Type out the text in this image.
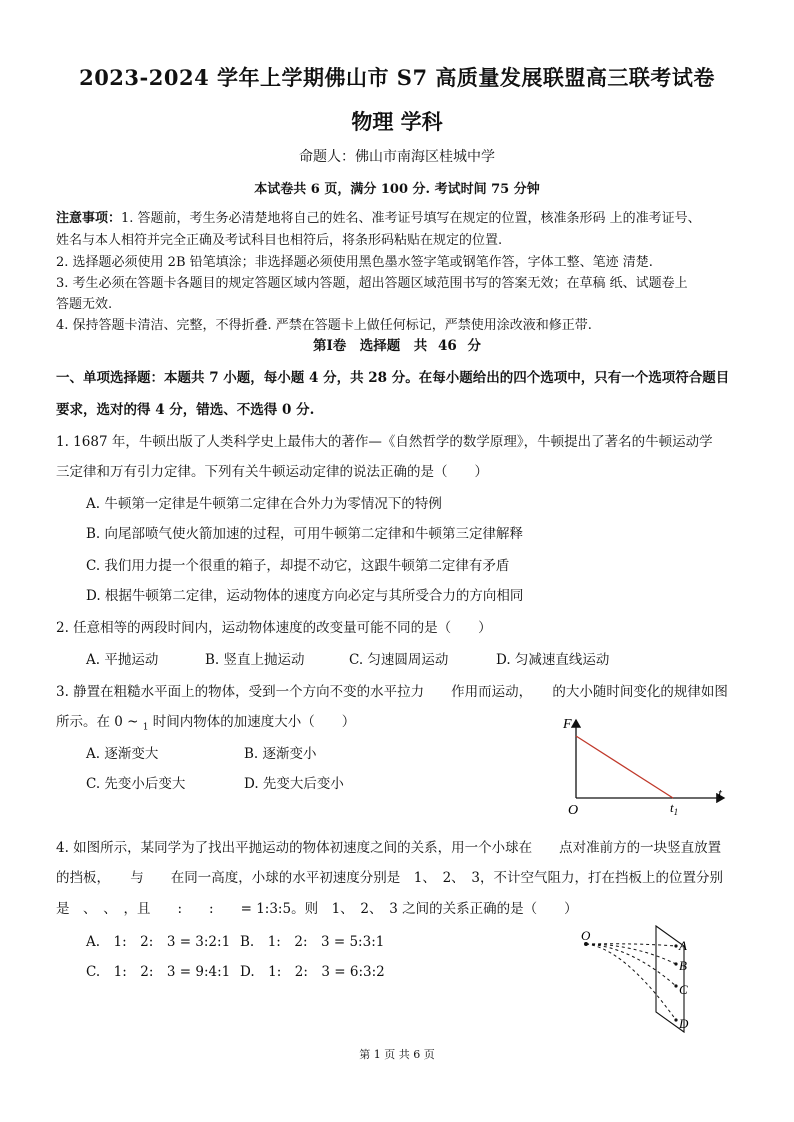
2023-2024 学年上学期佛山市 S7 高质量发展联盟高三联考试卷
物理 学科
命题人：佛山市南海区桂城中学
本试卷共 6 页，满分 100 分. 考试时间 75 分钟
注意事项：1. 答题前，考生务必清楚地将自己的姓名、准考证号填写在规定的位置，核准条形码 上的准考证号、
姓名与本人相符并完全正确及考试科目也相符后，将条形码粘贴在规定的位置.
2. 选择题必须使用 2B 铅笔填涂；非选择题必须使用黑色墨水签字笔或钢笔作答，字体工整、笔迹 清楚.
3. 考生必须在答题卡各题目的规定答题区域内答题，超出答题区域范围书写的答案无效；在草稿 纸、试题卷上
答题无效.
4. 保持答题卡清洁、完整，不得折叠. 严禁在答题卡上做任何标记，严禁使用涂改液和修正带.
第Ⅰ卷　选择题　共 46 分
一、单项选择题：本题共 7 小题，每小题 4 分，共 28 分。在每小题给出的四个选项中，只有一个选项符合题目
要求，选对的得 4 分，错选、不选得 0 分.
1. 1687 年，牛顿出版了人类科学史上最伟大的著作—《自然哲学的数学原理》，牛顿提出了著名的牛顿运动学
三定律和万有引力定律。下列有关牛顿运动定律的说法正确的是（　　）
A. 牛顿第一定律是牛顿第二定律在合外力为零情况下的特例
B. 向尾部喷气使火箭加速的过程，可用牛顿第二定律和牛顿第三定律解释
C. 我们用力提一个很重的箱子，却提不动它，这跟牛顿第二定律有矛盾
D. 根据牛顿第二定律，运动物体的速度方向必定与其所受合力的方向相同
2. 任意相等的两段时间内，运动物体速度的改变量可能不同的是（　　）
A. 平抛运动	B. 竖直上抛运动	C. 匀速圆周运动	D. 匀减速直线运动
3. 静置在粗糙水平面上的物体，受到一个方向不变的水平拉力　　作用而运动，　　的大小随时间变化的规律如图
所示。在 0 ~ $_1$ 时间内物体的加速度大小（　　）
A. 逐渐变大	B. 逐渐变小
C. 先变小后变大	D. 先变大后变小
F
t
O	$t_1$
4. 如图所示，某同学为了找出平抛运动的物体初速度之间的关系，用一个小球在　　点对准前方的一块竖直放置
的挡板，　　与　　在同一高度，小球的水平初速度分别是　1、　2、　3，不计空气阻力，打在挡板上的位置分别
是　、　、　，且　　:　　:　　= 1:3:5。则　1、　2、　3 之间的关系正确的是（　　）
A.　1:　2:　3 = 3:2:1 B.　1:　2:　3 = 5:3:1
C.　1:　2:　3 = 9:4:1 D.　1:　2:　3 = 6:3:2
O
A
B
C
D
第 1 页 共 6 页
